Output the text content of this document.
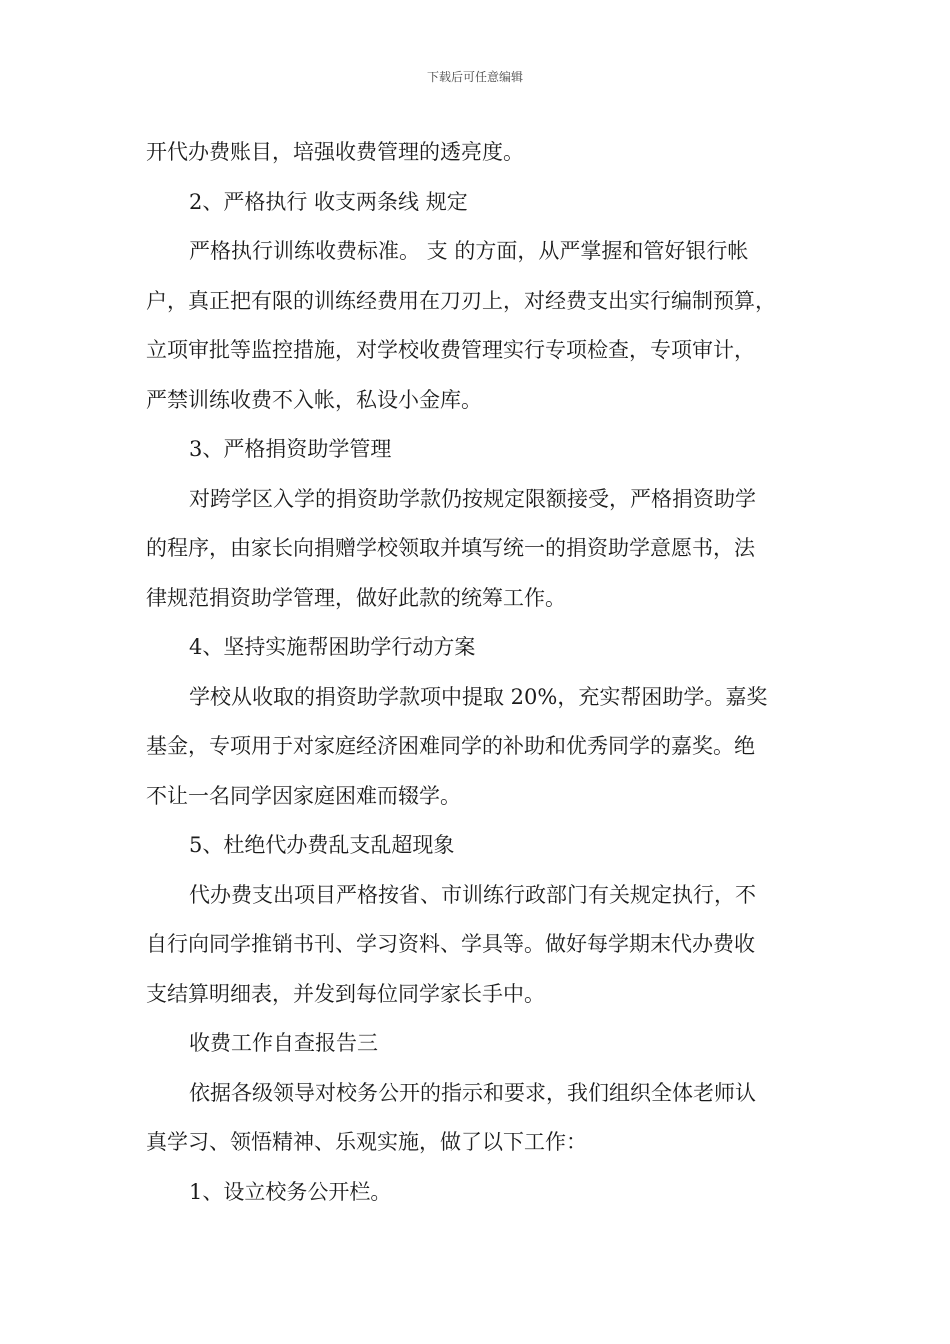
下载后可任意编辑
开代办费账目，培强收费管理的透亮度。
2、严格执行 收支两条线 规定
严格执行训练收费标准。 支 的方面，从严掌握和管好银行帐
户，真正把有限的训练经费用在刀刃上，对经费支出实行编制预算，
立项审批等监控措施，对学校收费管理实行专项检查，专项审计，
严禁训练收费不入帐，私设小金库。
3、严格捐资助学管理
对跨学区入学的捐资助学款仍按规定限额接受，严格捐资助学
的程序，由家长向捐赠学校领取并填写统一的捐资助学意愿书，法
律规范捐资助学管理，做好此款的统筹工作。
4、坚持实施帮困助学行动方案
学校从收取的捐资助学款项中提取 20%，充实帮困助学。嘉奖
基金，专项用于对家庭经济困难同学的补助和优秀同学的嘉奖。绝
不让一名同学因家庭困难而辍学。
5、杜绝代办费乱支乱超现象
代办费支出项目严格按省、市训练行政部门有关规定执行，不
自行向同学推销书刊、学习资料、学具等。做好每学期末代办费收
支结算明细表，并发到每位同学家长手中。
收费工作自查报告三
依据各级领导对校务公开的指示和要求，我们组织全体老师认
真学习、领悟精神、乐观实施，做了以下工作：
1、设立校务公开栏。
